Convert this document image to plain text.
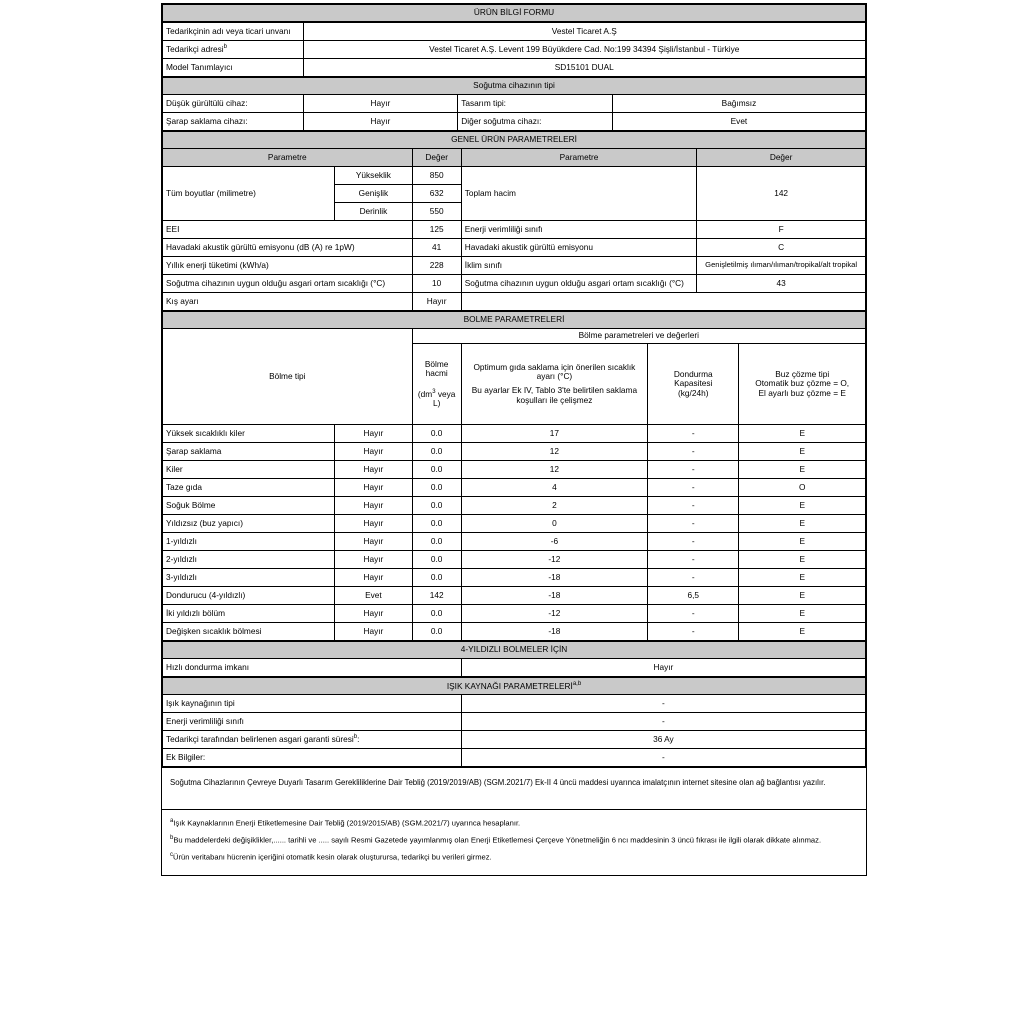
ÜRÜN BİLGİ FORMU
Tedarikçinin adı veya ticari unvanı	Vestel Ticaret A.Ş
Tedarikçi adresi$^b$	Vestel Ticaret A.Ş. Levent 199 Büyükdere Cad. No:199 34394 Şişli/İstanbul - Türkiye
Model Tanımlayıcı	SD15101 DUAL
Soğutma cihazının tipi			
Düşük gürültülü cihaz:	Hayır	Tasarım tipi:	Bağımsız
Şarap saklama cihazı:	Hayır	Diğer soğutma cihazı:	Evet
GENEL ÜRÜN PARAMETRELERİ				
Parametre		Değer	Parametre	Değer
Tüm boyutlar (milimetre)	Yükseklik	850	Toplam hacim	142
	Genişlik	632		
	Derinlik	550		
EEI		125	Enerji verimliliği sınıfı	F
Havadaki akustik gürültü emisyonu (dB (A) re 1pW)		41	Havadaki akustik gürültü emisyonu	C
Yıllık enerji tüketimi (kWh/a)		228	İklim sınıfı	Genişletilmiş ılıman/ılıman/tropikal/alt tropikal
Soğutma cihazının uygun olduğu asgari ortam sıcaklığı (°C)		10	Soğutma cihazının uygun olduğu asgari ortam sıcaklığı (°C)	43
Kış ayarı		Hayır		
BOLME PARAMETRELERİ					
Bölme tipi		Bölme parametreleri ve değerleri			

Bölme hacmi
($dm^3$ veya L)

Optimum gıda saklama için önerilen sıcaklık ayarı (°C)
Bu ayarlar Ek IV, Tablo 3'te belirtilen saklama koşulları ile çelişmez

Dondurma
Kapasitesi
(kg/24h)

Buz çözme tipi
Otomatik buz çözme = O,
El ayarlı buz çözme = E

Yüksek sıcaklıklı kiler	Hayır	0.0	17	-	E
Şarap saklama	Hayır	0.0	12	-	E
Kiler	Hayır	0.0	12	-	E
Taze gıda	Hayır	0.0	4	-	O
Soğuk Bölme	Hayır	0.0	2	-	E
Yıldızsız (buz yapıcı)	Hayır	0.0	0	-	E
1-yıldızlı	Hayır	0.0	-6	-	E
2-yıldızlı	Hayır	0.0	-12	-	E
3-yıldızlı	Hayır	0.0	-18	-	E
Dondurucu (4-yıldızlı)	Evet	142	-18	6,5	E
İki yıldızlı bölüm	Hayır	0.0	-12	-	E
Değişken sıcaklık bölmesi	Hayır	0.0	-18	-	E
4-YILDIZLI BOLMELER İÇİN
Hızlı dondurma imkanı	Hayır
IŞIK KAYNAĞI PARAMETRELERİ$^{a,b}$
Işık kaynağının tipi	-
Enerji verimliliği sınıfı	-
Tedarikçi tarafından belirlenen asgari garanti süresi$^b$:	36 Ay
Ek Bilgiler:	-
Soğutma Cihazlarının Çevreye Duyarlı Tasarım Gerekliliklerine Dair Tebliğ (2019/2019/AB) (SGM.2021/7) Ek-II 4 üncü maddesi uyarınca imalatçının internet sitesine olan ağ bağlantısı yazılır.
$^a$Işık Kaynaklarının Enerji Etiketlemesine Dair Tebliğ (2019/2015/AB) (SGM.2021/7) uyarınca hesaplanır.
$^b$Bu maddelerdeki değişiklikler,...... tarihli ve ..... sayılı Resmi Gazetede yayımlanmış olan Enerji Etiketlemesi Çerçeve Yönetmeliğin 6 ncı maddesinin 3 üncü fıkrası ile ilgili olarak dikkate alınmaz.
$^c$Ürün veritabanı hücrenin içeriğini otomatik kesin olarak oluşturursa, tedarikçi bu verileri girmez.
